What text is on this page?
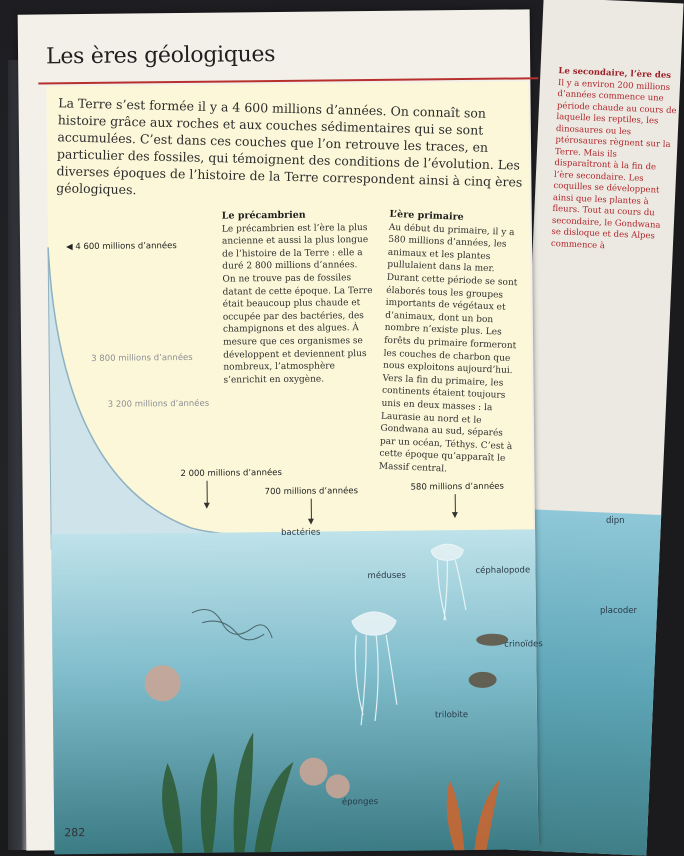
Le secondaire, l’ère des Il y a environ 200 millions d’années commence une période chaude au cours de laquelle les reptiles, les dinosaures ou les ptérosaures règnent sur la Terre. Mais ils disparaîtront à la fin de l’ère secondaire. Les coquilles se développent ainsi que les plantes à fleurs. Tout au cours du secondaire, le Gondwana se disloque et des Alpes commence à
Les ères géologiques
La Terre s’est formée il y a 4 600 millions d’années. On connaît son histoire grâce aux roches et aux couches sédimentaires qui se sont accumulées. C’est dans ces couches que l’on retrouve les traces, en particulier des fossiles, qui témoignent des conditions de l’évolution. Les diverses époques de l’histoire de la Terre correspondent ainsi à cinq ères géologiques.
Le précambrien
Le précambrien est l’ère la plus ancienne et aussi la plus longue de l’histoire de la Terre : elle a duré 2 800 millions d’années. On ne trouve pas de fossiles datant de cette époque. La Terre était beaucoup plus chaude et occupée par des bactéries, des champignons et des algues. À mesure que ces organismes se développent et deviennent plus nombreux, l’atmosphère s’enrichit en oxygène.
L’ère primaire
Au début du primaire, il y a 580 millions d’années, les animaux et les plantes pullulaient dans la mer. Durant cette période se sont élaborés tous les groupes importants de végétaux et d’animaux, dont un bon nombre n’existe plus. Les forêts du primaire formeront les couches de charbon que nous exploitons aujourd’hui. Vers la fin du primaire, les continents étaient toujours unis en deux masses : la Laurasie au nord et le Gondwana au sud, séparés par un océan, Téthys. C’est à cette époque qu’apparaît le Massif central.
◀ 4 600 millions d’années
3 800 millions d’années
3 200 millions d’années
2 000 millions d’années
700 millions d’années	580 millions d’années
bactéries
méduses	céphalopode
crinoïdes
trilobite
éponges
282
dipn
placoder
